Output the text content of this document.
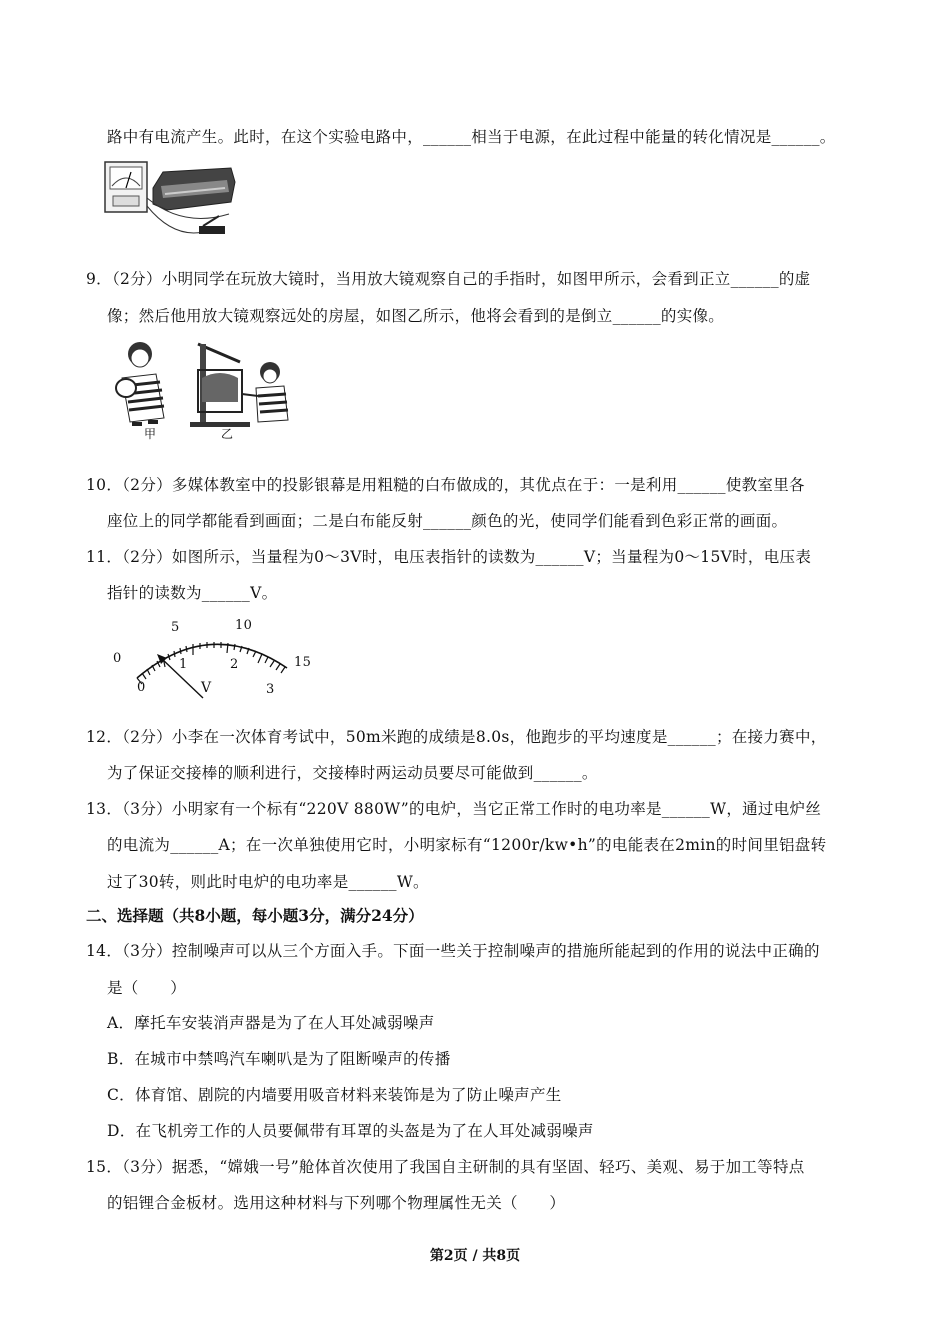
路中有电流产生。此时，在这个实验电路中，______相当于电源，在此过程中能量的转化情况是______。
9．（2分）小明同学在玩放大镜时，当用放大镜观察自己的手指时，如图甲所示，会看到正立______的虚
像；然后他用放大镜观察远处的房屋，如图乙所示，他将会看到的是倒立______的实像。
甲	乙
10．（2分）多媒体教室中的投影银幕是用粗糙的白布做成的，其优点在于：一是利用______使教室里各
座位上的同学都能看到画面；二是白布能反射______颜色的光，使同学们能看到色彩正常的画面。
11．（2分）如图所示，当量程为0～3V时，电压表指针的读数为______V；当量程为0～15V时，电压表
指针的读数为______V。
0
5	10
15
0
1	2
3
V
12．（2分）小李在一次体育考试中，50m米跑的成绩是8.0s，他跑步的平均速度是______；在接力赛中，
为了保证交接棒的顺利进行，交接棒时两运动员要尽可能做到______。
13．（3分）小明家有一个标有“220V 880W”的电炉，当它正常工作时的电功率是______W，通过电炉丝
的电流为______A；在一次单独使用它时，小明家标有“1200r/kw•h”的电能表在2min的时间里铝盘转
过了30转，则此时电炉的电功率是______W。
二、选择题（共8小题，每小题3分，满分24分）
14．（3分）控制噪声可以从三个方面入手。下面一些关于控制噪声的措施所能起到的作用的说法中正确的
是（　　）
A．摩托车安装消声器是为了在人耳处减弱噪声
B．在城市中禁鸣汽车喇叭是为了阻断噪声的传播
C．体育馆、剧院的内墙要用吸音材料来装饰是为了防止噪声产生
D．在飞机旁工作的人员要佩带有耳罩的头盔是为了在人耳处减弱噪声
15．（3分）据悉，“嫦娥一号”舱体首次使用了我国自主研制的具有坚固、轻巧、美观、易于加工等特点
的铝锂合金板材。选用这种材料与下列哪个物理属性无关（　　）
第2页 / 共8页
